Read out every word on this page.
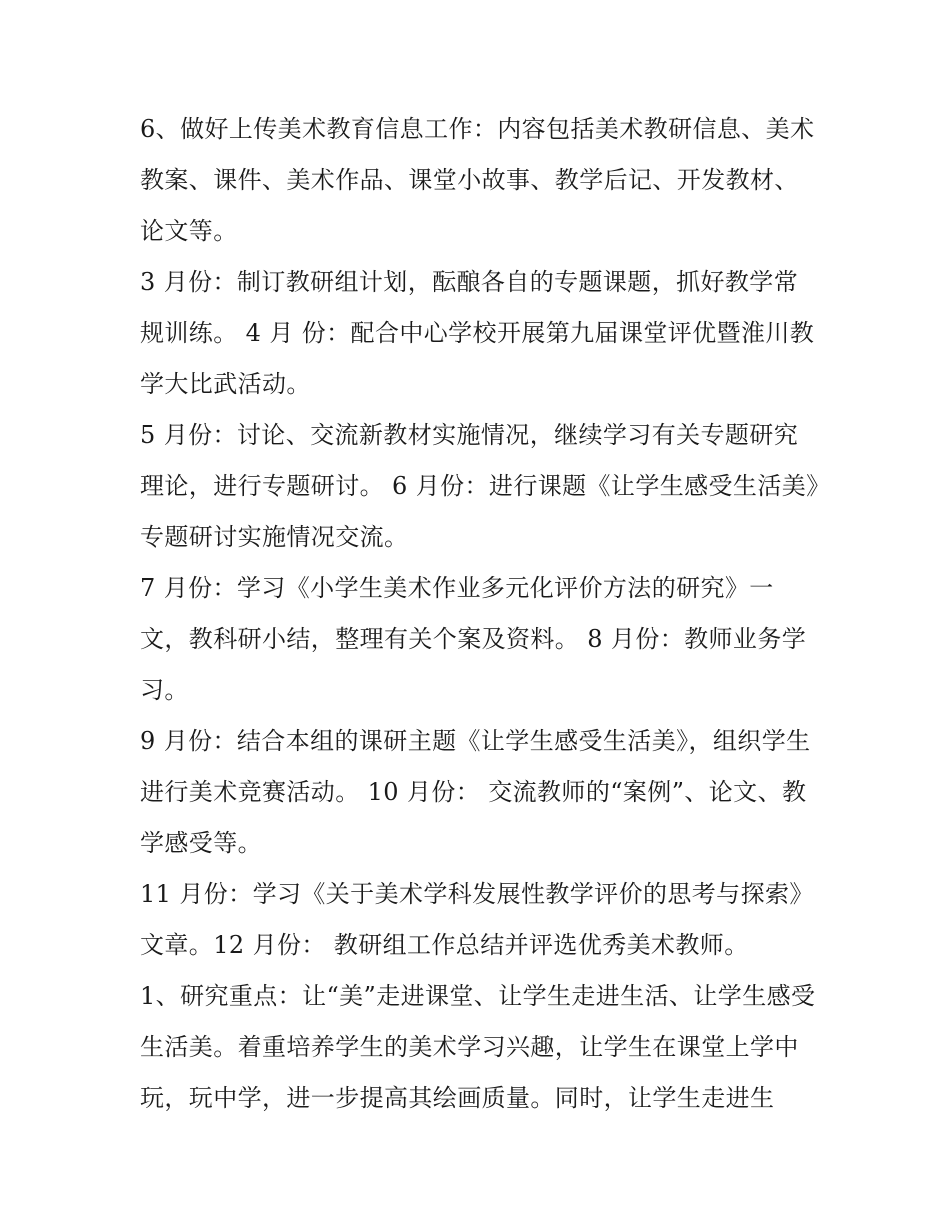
6、做好上传美术教育信息工作：内容包括美术教研信息、美术教案、课件、美术作品、课堂小故事、教学后记、开发教材、论文等。

3 月份：制订教研组计划，酝酿各自的专题课题，抓好教学常规训练。 4 月 份：配合中心学校开展第九届课堂评优暨淮川教学大比武活动。

5 月份：讨论、交流新教材实施情况，继续学习有关专题研究理论，进行专题研讨。 6 月份：进行课题《让学生感受生活美》专题研讨实施情况交流。

7 月份：学习《小学生美术作业多元化评价方法的研究》一文，教科研小结，整理有关个案及资料。 8 月份：教师业务学习。

9 月份：结合本组的课研主题《让学生感受生活美》，组织学生进行美术竞赛活动。 10 月份： 交流教师的“案例”、论文、教学感受等。

11 月份：学习《关于美术学科发展性教学评价的思考与探索》文章。12 月份： 教研组工作总结并评选优秀美术教师。

1、研究重点：让“美”走进课堂、让学生走进生活、让学生感受生活美。着重培养学生的美术学习兴趣，让学生在课堂上学中玩，玩中学，进一步提高其绘画质量。同时，让学生走进生
